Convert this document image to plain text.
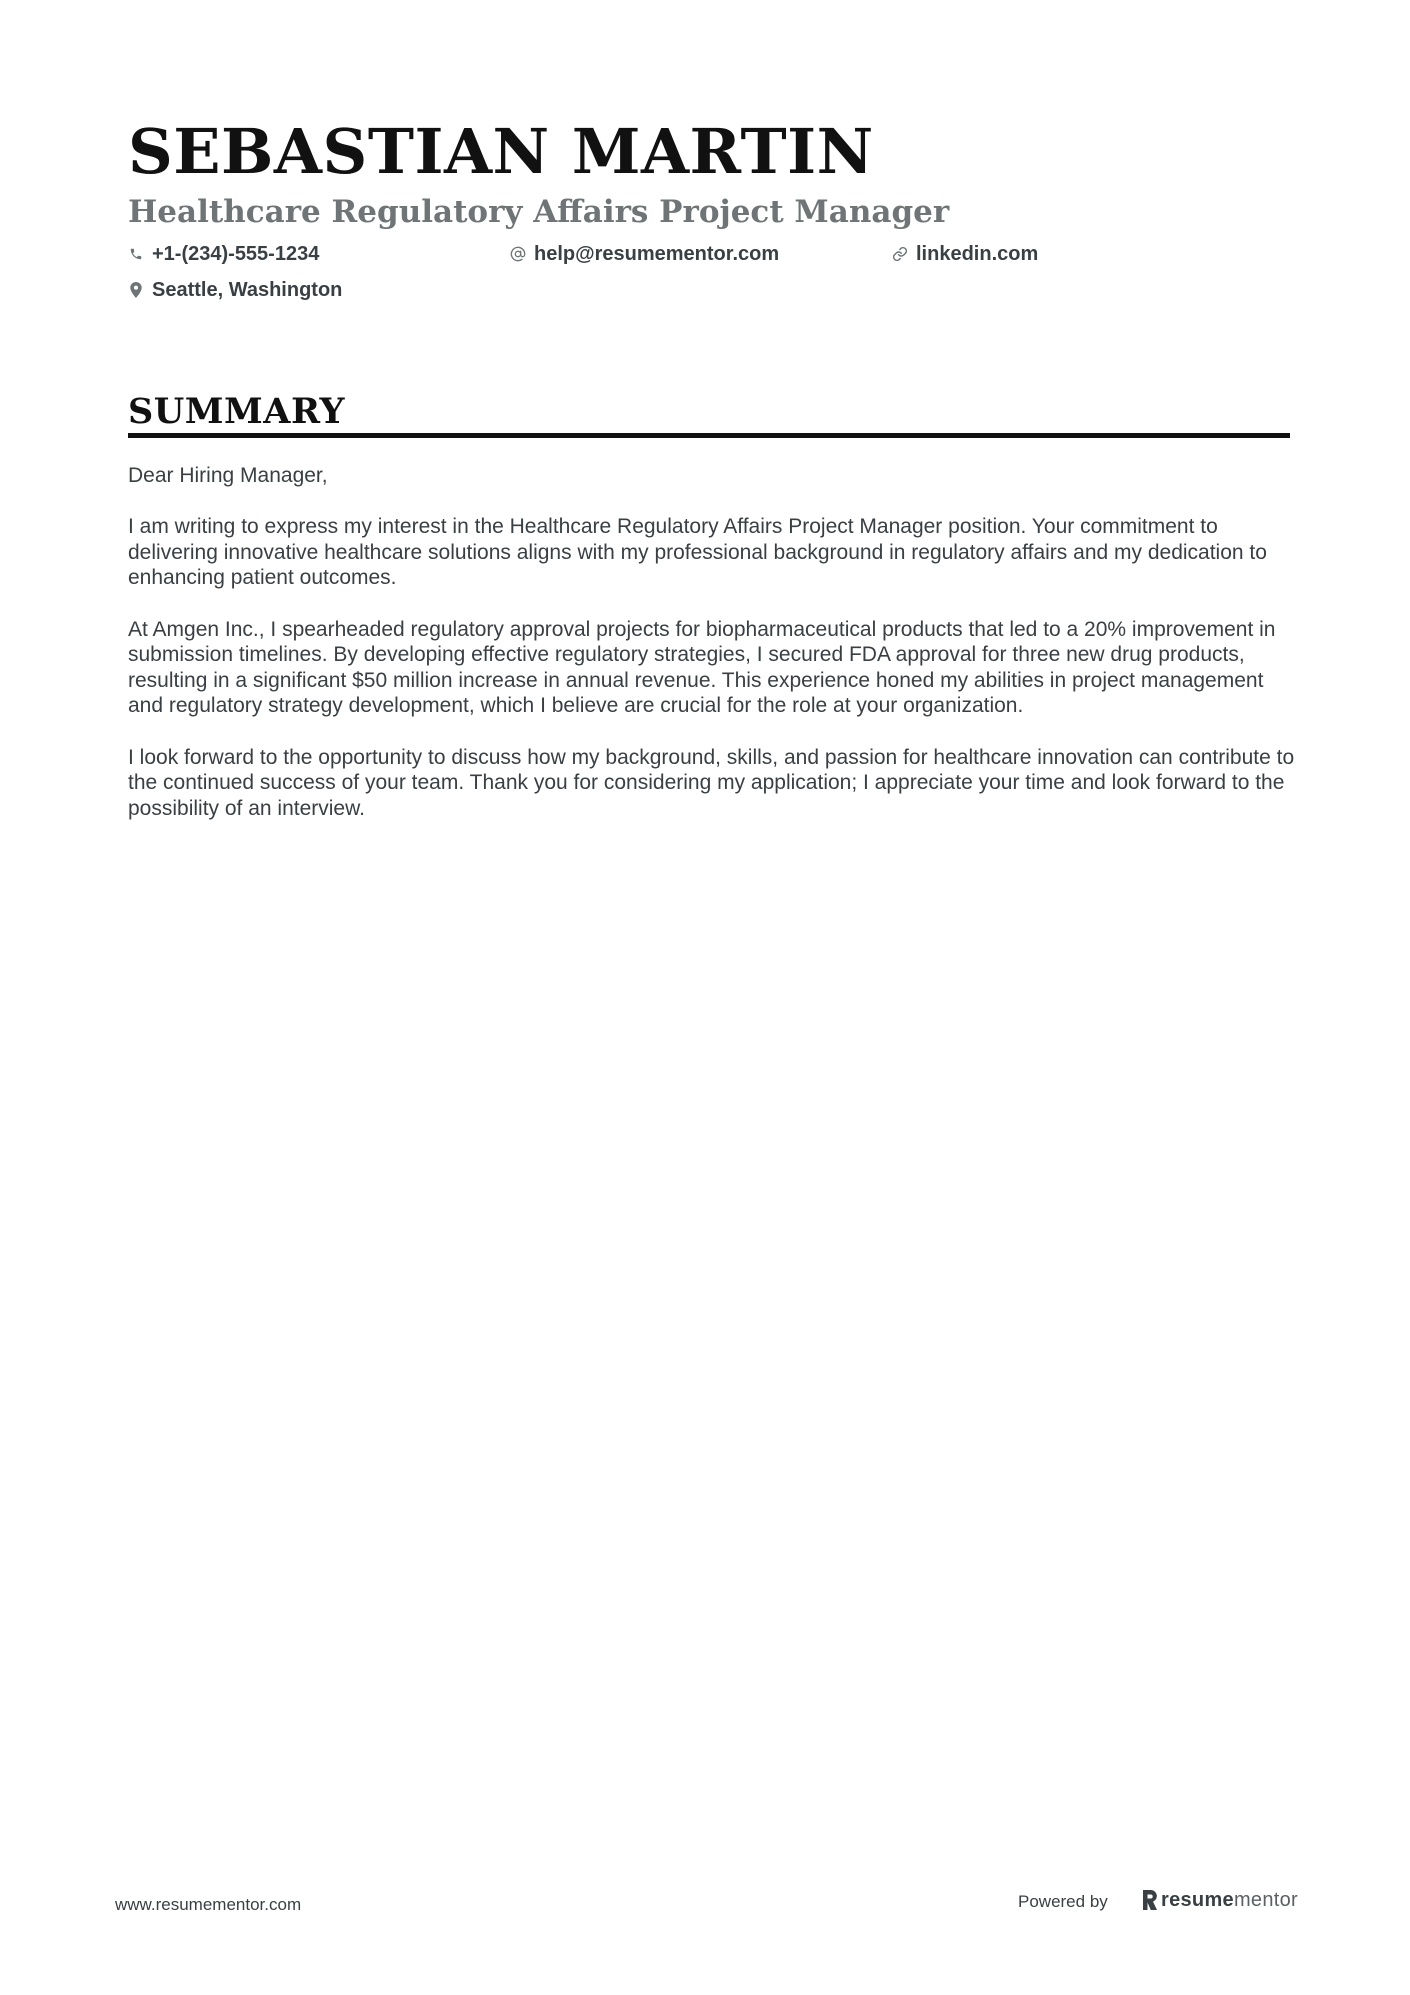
SEBASTIAN MARTIN
Healthcare Regulatory Affairs Project Manager
+1-(234)-555-1234	help@resumementor.com	linkedin.com
Seattle, Washington
SUMMARY

Dear Hiring Manager,

I am writing to express my interest in the Healthcare Regulatory Affairs Project Manager position. Your commitment to delivering innovative healthcare solutions aligns with my professional background in regulatory affairs and my dedication to enhancing patient outcomes.

At Amgen Inc., I spearheaded regulatory approval projects for biopharmaceutical products that led to a 20% improvement in submission timelines. By developing effective regulatory strategies, I secured FDA approval for three new drug products, resulting in a significant $50 million increase in annual revenue. This experience honed my abilities in project management and regulatory strategy development, which I believe are crucial for the role at your organization.

I look forward to the opportunity to discuss how my background, skills, and passion for healthcare innovation can contribute to the continued success of your team. Thank you for considering my application; I appreciate your time and look forward to the possibility of an interview.

www.resumementor.com	Powered by	resume mentor
